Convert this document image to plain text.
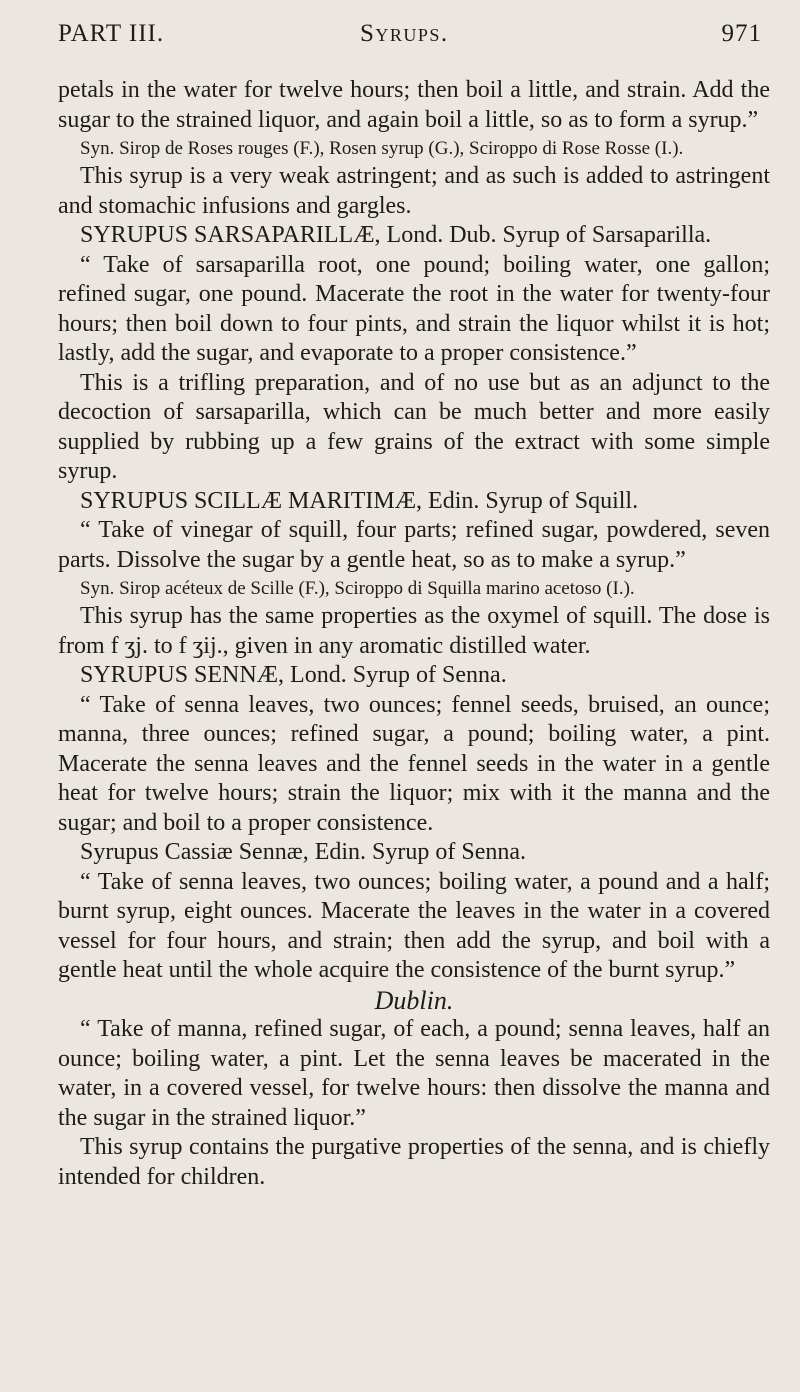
PART III.	Syrups.	971

petals in the water for twelve hours; then boil a little, and strain. Add the sugar to the strained liquor, and again boil a little, so as to form a syrup.”

Syn. Sirop de Roses rouges (F.), Rosen syrup (G.), Sciroppo di Rose Rosse (I.).

This syrup is a very weak astringent; and as such is added to astringent and stomachic infusions and gargles.

SYRUPUS SARSAPARILLÆ, Lond. Dub. Syrup of Sarsaparilla.

“ Take of sarsaparilla root, one pound; boiling water, one gallon; refined sugar, one pound. Macerate the root in the water for twenty-four hours; then boil down to four pints, and strain the liquor whilst it is hot; lastly, add the sugar, and evaporate to a proper consistence.”

This is a trifling preparation, and of no use but as an adjunct to the decoction of sarsaparilla, which can be much better and more easily supplied by rubbing up a few grains of the extract with some simple syrup.

SYRUPUS SCILLÆ MARITIMÆ, Edin. Syrup of Squill.

“ Take of vinegar of squill, four parts; refined sugar, powdered, seven parts. Dissolve the sugar by a gentle heat, so as to make a syrup.”

Syn. Sirop acéteux de Scille (F.), Sciroppo di Squilla marino acetoso (I.).

This syrup has the same properties as the oxymel of squill. The dose is from f ʒj. to f ʒij., given in any aromatic distilled water.

SYRUPUS SENNÆ, Lond. Syrup of Senna.

“ Take of senna leaves, two ounces; fennel seeds, bruised, an ounce; manna, three ounces; refined sugar, a pound; boiling water, a pint. Macerate the senna leaves and the fennel seeds in the water in a gentle heat for twelve hours; strain the liquor; mix with it the manna and the sugar; and boil to a proper consistence.

Syrupus Cassiæ Sennæ, Edin. Syrup of Senna.

“ Take of senna leaves, two ounces; boiling water, a pound and a half; burnt syrup, eight ounces. Macerate the leaves in the water in a covered vessel for four hours, and strain; then add the syrup, and boil with a gentle heat until the whole acquire the consistence of the burnt syrup.”

Dublin.

“ Take of manna, refined sugar, of each, a pound; senna leaves, half an ounce; boiling water, a pint. Let the senna leaves be macerated in the water, in a covered vessel, for twelve hours: then dissolve the manna and the sugar in the strained liquor.”

This syrup contains the purgative properties of the senna, and is chiefly intended for children.
